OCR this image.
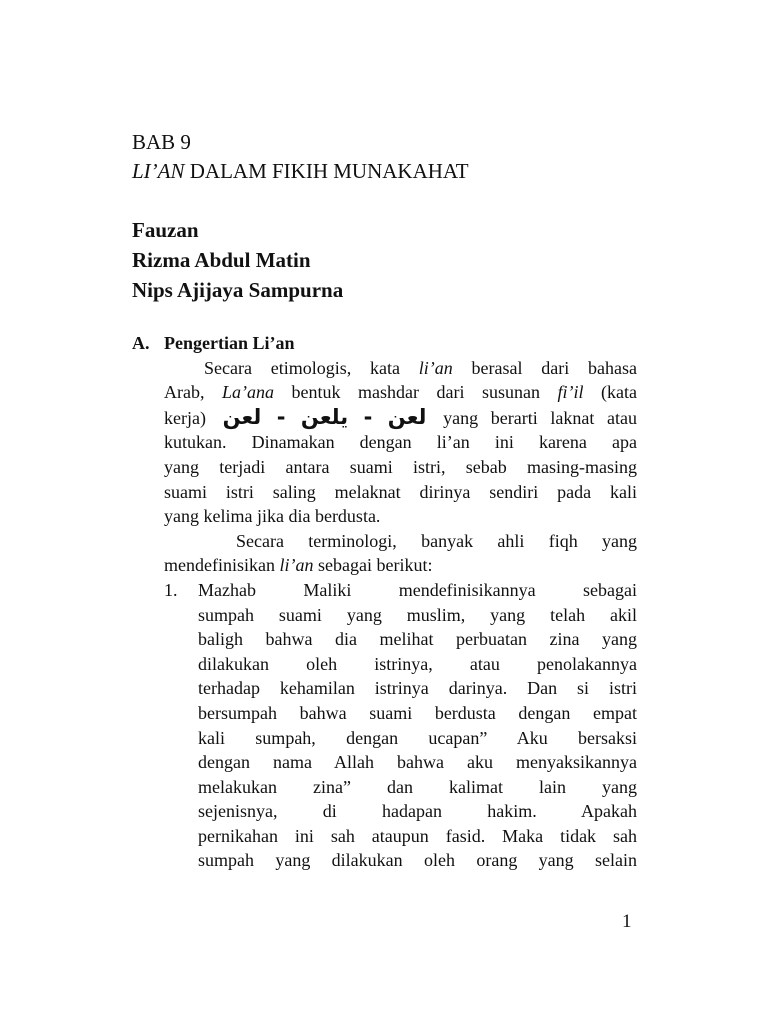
BAB 9
LI’AN DALAM FIKIH MUNAKAHAT
Fauzan
Rizma Abdul Matin
Nips Ajijaya Sampurna
A. Pengertian Li’an
Secara etimologis, kata li’an berasal dari bahasa
Arab, La’ana bentuk mashdar dari susunan fi’il (kata
kerja) لعن - يلعن - لعن yang berarti laknat atau
kutukan. Dinamakan dengan li’an ini karena apa
yang terjadi antara suami istri, sebab masing-masing
suami istri saling melaknat dirinya sendiri pada kali
yang kelima jika dia berdusta.
Secara terminologi, banyak ahli fiqh yang
mendefinisikan li’an sebagai berikut:
1. Mazhab Maliki mendefinisikannya sebagai
sumpah suami yang muslim, yang telah akil
baligh bahwa dia melihat perbuatan zina yang
dilakukan oleh istrinya, atau penolakannya
terhadap kehamilan istrinya darinya. Dan si istri
bersumpah bahwa suami berdusta dengan empat
kali sumpah, dengan ucapan” Aku bersaksi
dengan nama Allah bahwa aku menyaksikannya
melakukan zina” dan kalimat lain yang
sejenisnya, di hadapan hakim. Apakah
pernikahan ini sah ataupun fasid. Maka tidak sah
sumpah yang dilakukan oleh orang yang selain
1
